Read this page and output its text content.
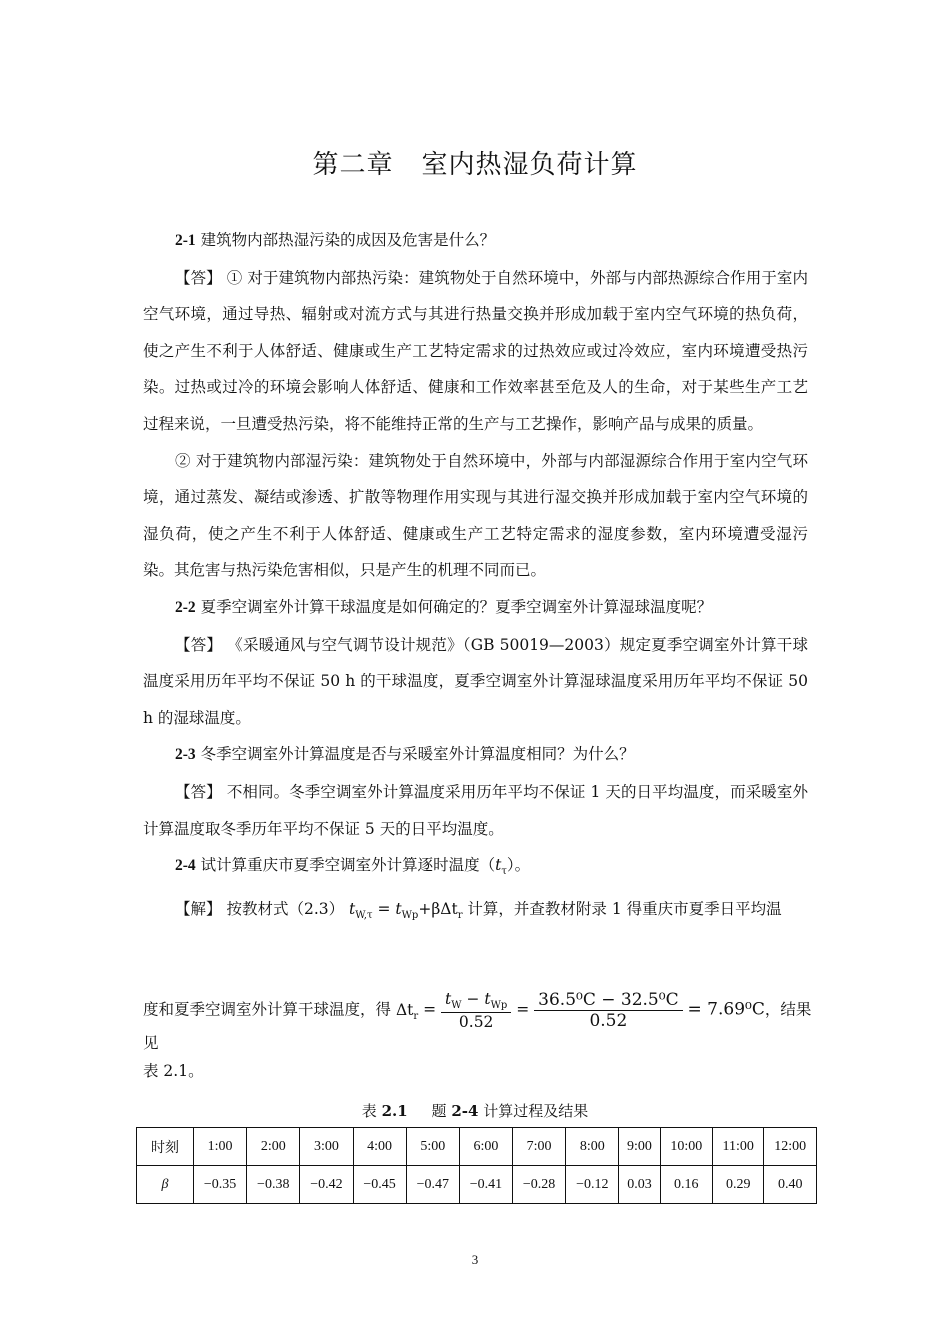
第二章 室内热湿负荷计算

2-1 建筑物内部热湿污染的成因及危害是什么？

【答】 ① 对于建筑物内部热污染：建筑物处于自然环境中，外部与内部热源综合作用于室内空气环境，通过导热、辐射或对流方式与其进行热量交换并形成加载于室内空气环境的热负荷，使之产生不利于人体舒适、健康或生产工艺特定需求的过热效应或过冷效应，室内环境遭受热污染。过热或过冷的环境会影响人体舒适、健康和工作效率甚至危及人的生命，对于某些生产工艺过程来说，一旦遭受热污染，将不能维持正常的生产与工艺操作，影响产品与成果的质量。

② 对于建筑物内部湿污染：建筑物处于自然环境中，外部与内部湿源综合作用于室内空气环境，通过蒸发、凝结或渗透、扩散等物理作用实现与其进行湿交换并形成加载于室内空气环境的湿负荷，使之产生不利于人体舒适、健康或生产工艺特定需求的湿度参数，室内环境遭受湿污染。其危害与热污染危害相似，只是产生的机理不同而已。

2-2 夏季空调室外计算干球温度是如何确定的？夏季空调室外计算湿球温度呢？

【答】 《采暖通风与空气调节设计规范》（GB 50019—2003）规定夏季空调室外计算干球温度采用历年平均不保证 50 h 的干球温度，夏季空调室外计算湿球温度采用历年平均不保证 50 h 的湿球温度。

2-3 冬季空调室外计算温度是否与采暖室外计算温度相同？为什么？

【答】 不相同。冬季空调室外计算温度采用历年平均不保证 1 天的日平均温度，而采暖室外计算温度取冬季历年平均不保证 5 天的日平均温度。

2-4 试计算重庆市夏季空调室外计算逐时温度$(t_\tau)$。

【解】 按教材式（2.3） $t_{W,\tau} = t_{Wp}+\beta\Delta t_r$ 计算，并查教材附录 1 得重庆市夏季日平均温

度和夏季空调室外计算干球温度，得 $\Delta t_r = \frac{t_W - t_{Wp}}{0.52} = \frac{\text{36.5⁰C − 32.5⁰C}}{0.52} = 7.69^0C$，结果见

表 2.1。

表 2.1 题 2-4 计算过程及结果
时刻	1:00	2:00	3:00	4:00	5:00	6:00	7:00	8:00	9:00	10:00	11:00	12:00
β	−0.35	−0.38	−0.42	−0.45	−0.47	−0.41	−0.28	−0.12	0.03	0.16	0.29	0.40
3
